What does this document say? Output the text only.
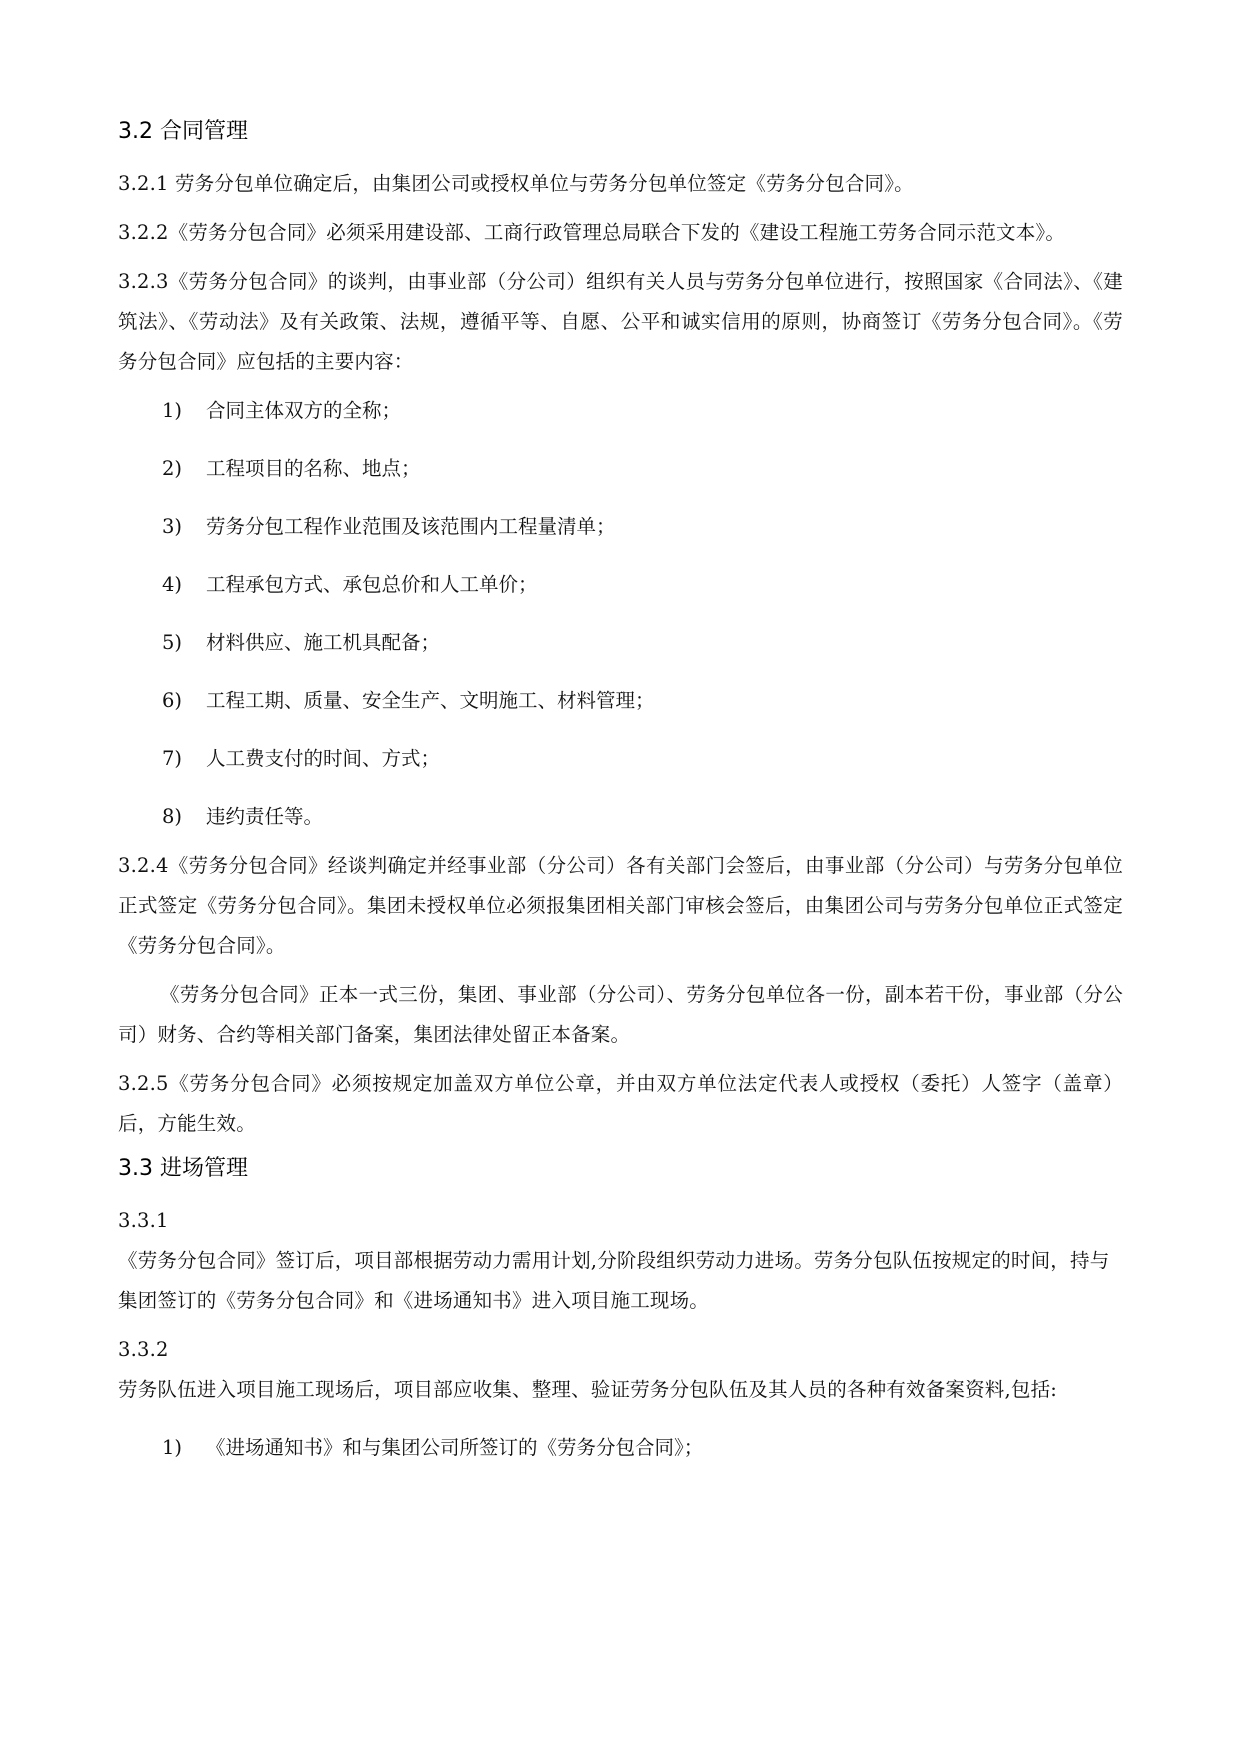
3.2 合同管理

3.2.1 劳务分包单位确定后，由集团公司或授权单位与劳务分包单位签定《劳务分包合同》。

3.2.2《劳务分包合同》必须采用建设部、工商行政管理总局联合下发的《建设工程施工劳务合同示范文本》。

3.2.3《劳务分包合同》的谈判，由事业部（分公司）组织有关人员与劳务分包单位进行，按照国家《合同法》、《建筑法》、《劳动法》及有关政策、法规，遵循平等、自愿、公平和诚实信用的原则，协商签订《劳务分包合同》。《劳务分包合同》应包括的主要内容：

1)	合同主体双方的全称；
2)	工程项目的名称、地点；
3)	劳务分包工程作业范围及该范围内工程量清单；
4)	工程承包方式、承包总价和人工单价；
5)	材料供应、施工机具配备；
6)	工程工期、质量、安全生产、文明施工、材料管理；
7)	人工费支付的时间、方式；
8)	违约责任等。

3.2.4《劳务分包合同》经谈判确定并经事业部（分公司）各有关部门会签后，由事业部（分公司）与劳务分包单位正式签定《劳务分包合同》。集团未授权单位必须报集团相关部门审核会签后，由集团公司与劳务分包单位正式签定《劳务分包合同》。

《劳务分包合同》正本一式三份，集团、事业部（分公司）、劳务分包单位各一份，副本若干份，事业部（分公司）财务、合约等相关部门备案，集团法律处留正本备案。

3.2.5《劳务分包合同》必须按规定加盖双方单位公章，并由双方单位法定代表人或授权（委托）人签字（盖章）后，方能生效。

3.3 进场管理
3.3.1
《劳务分包合同》签订后，项目部根据劳动力需用计划,分阶段组织劳动力进场。劳务分包队伍按规定的时间，持与集团签订的《劳务分包合同》和《进场通知书》进入项目施工现场。
3.3.2
劳务队伍进入项目施工现场后，项目部应收集、整理、验证劳务分包队伍及其人员的各种有效备案资料,包括:
1)	《进场通知书》和与集团公司所签订的《劳务分包合同》；
